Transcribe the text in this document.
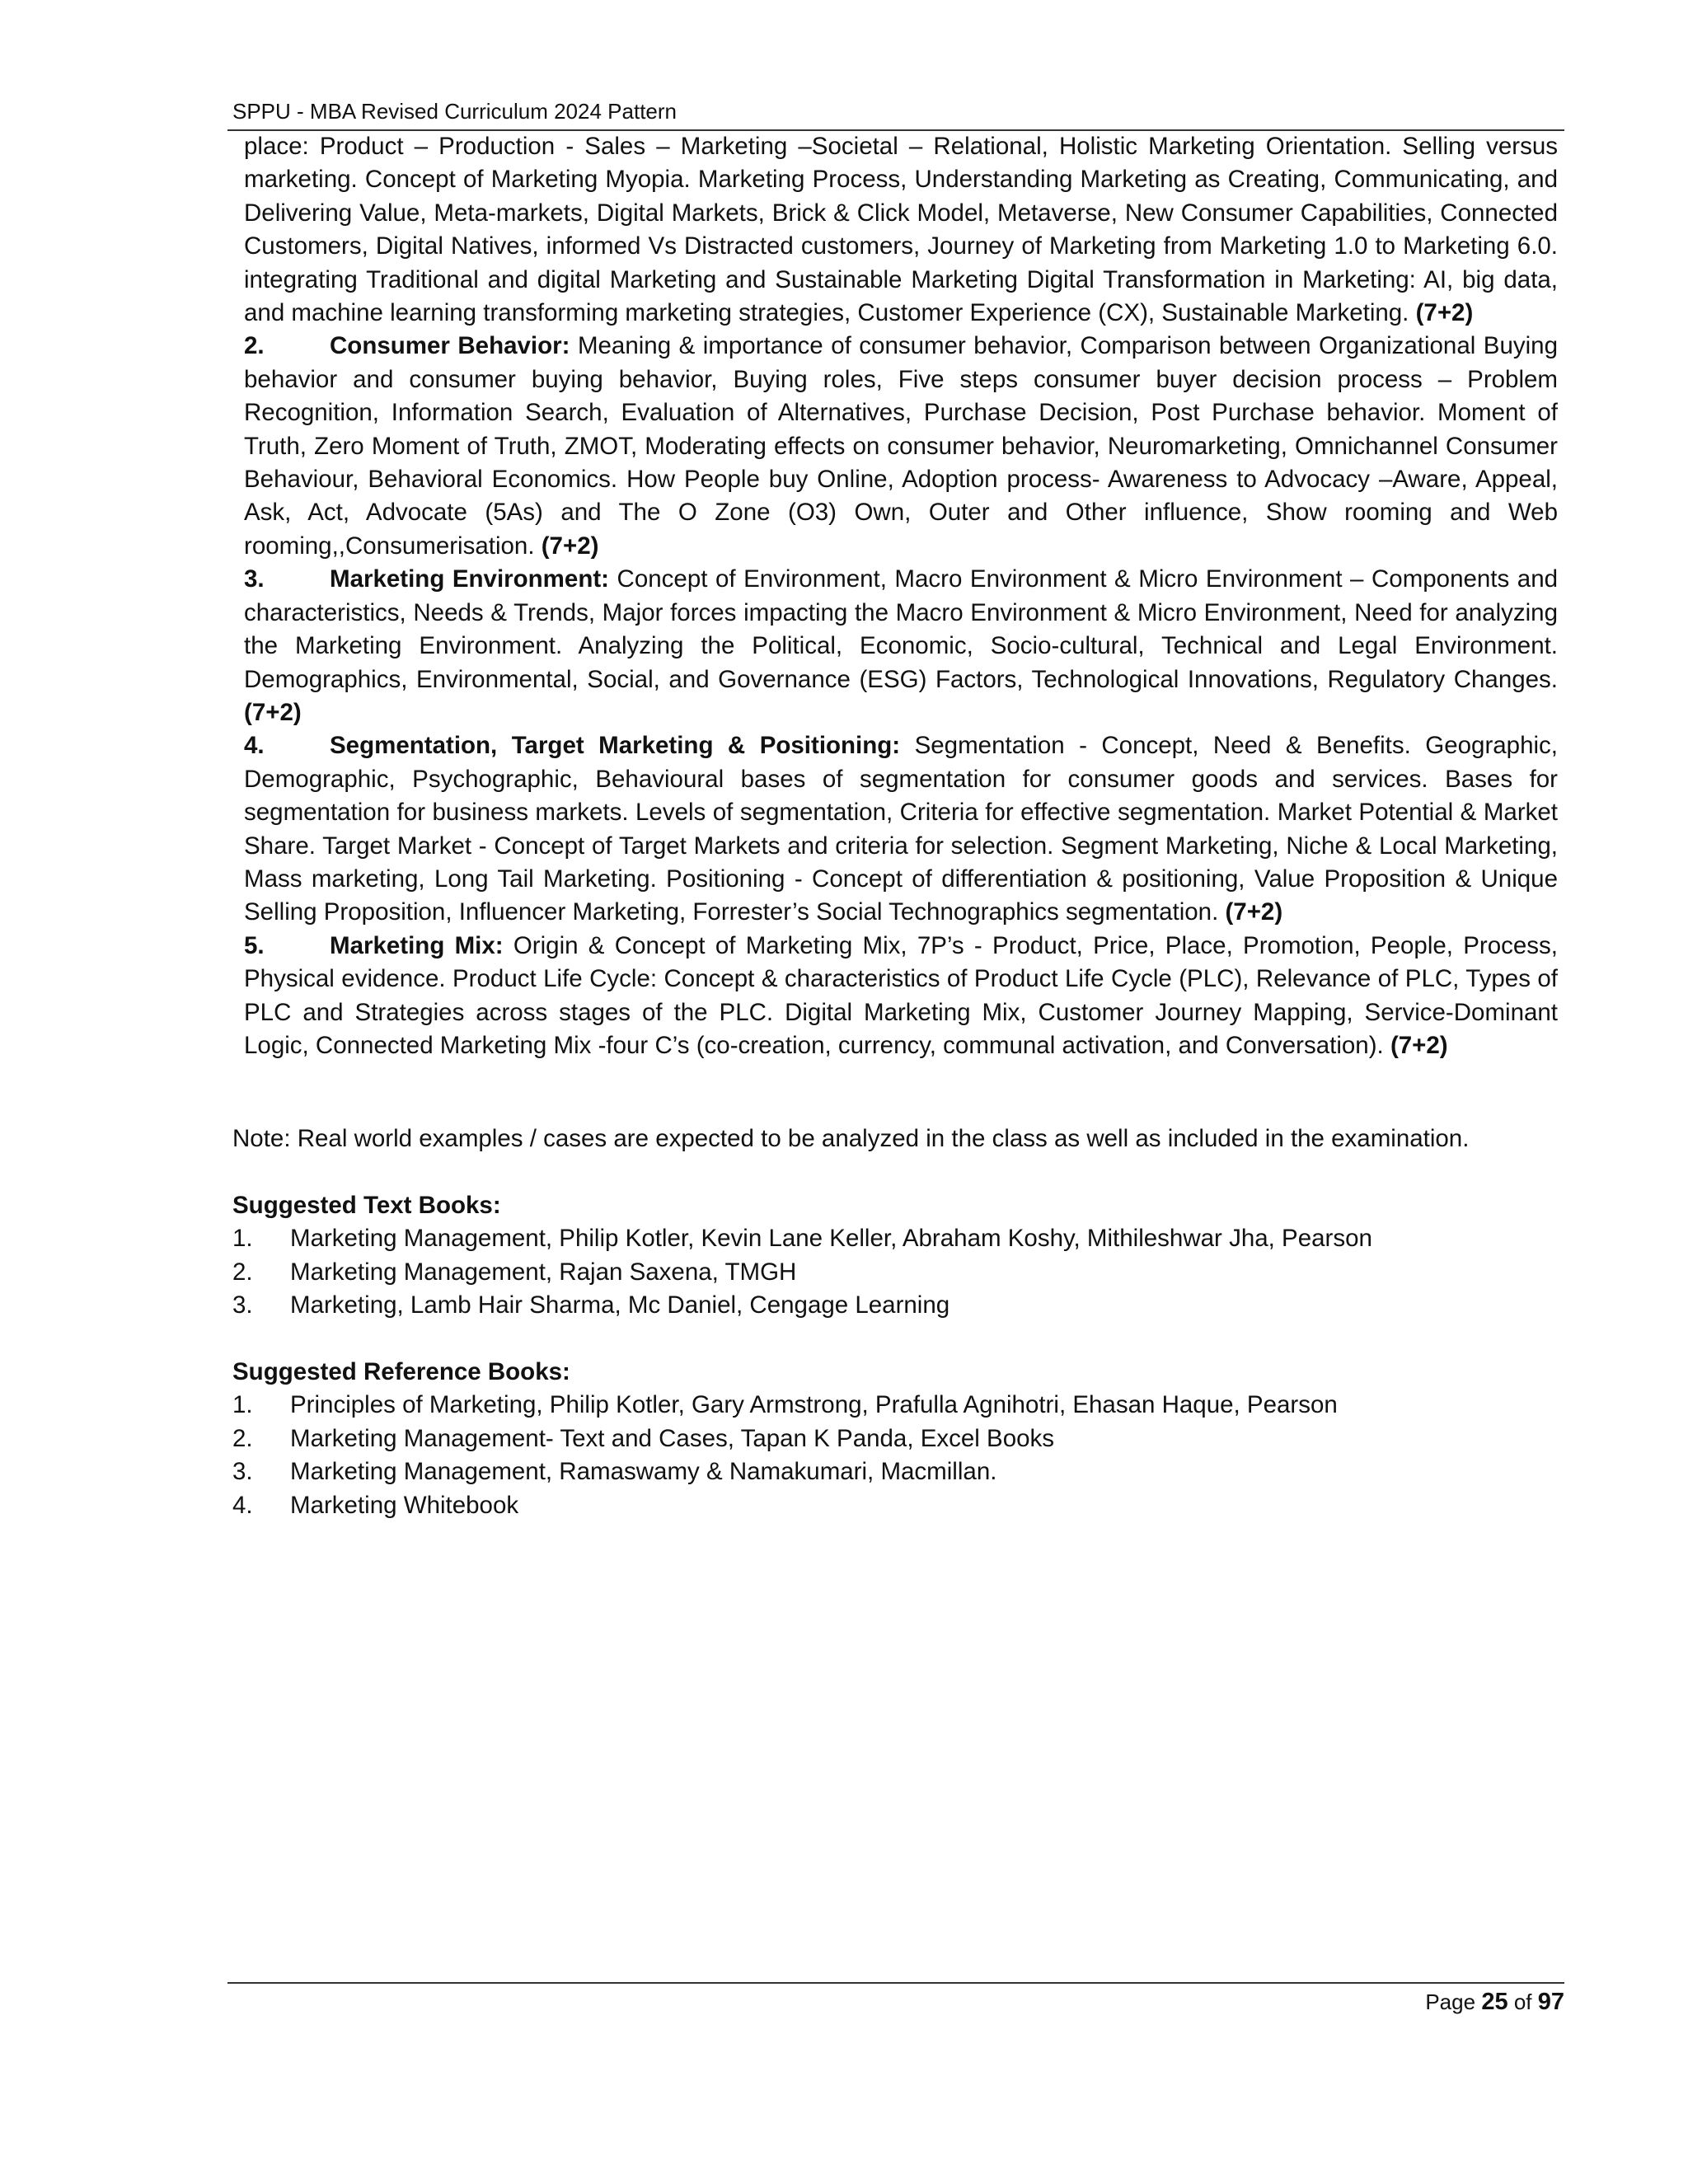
SPPU - MBA Revised Curriculum 2024 Pattern

place: Product – Production - Sales – Marketing –Societal – Relational, Holistic Marketing Orientation. Selling versus marketing. Concept of Marketing Myopia. Marketing Process, Understanding Marketing as Creating, Communicating, and Delivering Value, Meta-markets, Digital Markets, Brick & Click Model, Metaverse, New Consumer Capabilities, Connected Customers, Digital Natives, informed Vs Distracted customers, Journey of Marketing from Marketing 1.0 to Marketing 6.0. integrating Traditional and digital Marketing and Sustainable Marketing Digital Transformation in Marketing: AI, big data, and machine learning transforming marketing strategies, Customer Experience (CX), Sustainable Marketing. (7+2)

2.	Consumer Behavior: Meaning & importance of consumer behavior, Comparison between Organizational Buying behavior and consumer buying behavior, Buying roles, Five steps consumer buyer decision process – Problem Recognition, Information Search, Evaluation of Alternatives, Purchase Decision, Post Purchase behavior. Moment of Truth, Zero Moment of Truth, ZMOT, Moderating effects on consumer behavior, Neuromarketing, Omnichannel Consumer Behaviour, Behavioral Economics. How People buy Online, Adoption process- Awareness to Advocacy –Aware, Appeal, Ask, Act, Advocate (5As) and The O Zone (O3) Own, Outer and Other influence, Show rooming and Web rooming,,Consumerisation. (7+2)

3.	Marketing Environment: Concept of Environment, Macro Environment & Micro Environment – Components and characteristics, Needs & Trends, Major forces impacting the Macro Environment & Micro Environment, Need for analyzing the Marketing Environment. Analyzing the Political, Economic, Socio-cultural, Technical and Legal Environment. Demographics, Environmental, Social, and Governance (ESG) Factors, Technological Innovations, Regulatory Changes. (7+2)

4.	Segmentation, Target Marketing & Positioning: Segmentation - Concept, Need & Benefits. Geographic, Demographic, Psychographic, Behavioural bases of segmentation for consumer goods and services. Bases for segmentation for business markets. Levels of segmentation, Criteria for effective segmentation. Market Potential & Market Share. Target Market - Concept of Target Markets and criteria for selection. Segment Marketing, Niche & Local Marketing, Mass marketing, Long Tail Marketing. Positioning - Concept of differentiation & positioning, Value Proposition & Unique Selling Proposition, Influencer Marketing, Forrester’s Social Technographics segmentation. (7+2)

5.	Marketing Mix: Origin & Concept of Marketing Mix, 7P’s - Product, Price, Place, Promotion, People, Process, Physical evidence. Product Life Cycle: Concept & characteristics of Product Life Cycle (PLC), Relevance of PLC, Types of PLC and Strategies across stages of the PLC. Digital Marketing Mix, Customer Journey Mapping, Service-Dominant Logic, Connected Marketing Mix -four C’s (co-creation, currency, communal activation, and Conversation). (7+2)

Note: Real world examples / cases are expected to be analyzed in the class as well as included in the examination.
Suggested Text Books:
1. Marketing Management, Philip Kotler, Kevin Lane Keller, Abraham Koshy, Mithileshwar Jha, Pearson
2. Marketing Management, Rajan Saxena, TMGH
3. Marketing, Lamb Hair Sharma, Mc Daniel, Cengage Learning
Suggested Reference Books:
1. Principles of Marketing, Philip Kotler, Gary Armstrong, Prafulla Agnihotri, Ehasan Haque, Pearson
2. Marketing Management- Text and Cases, Tapan K Panda, Excel Books
3. Marketing Management, Ramaswamy & Namakumari, Macmillan.
4. Marketing Whitebook
Page 25 of 97
